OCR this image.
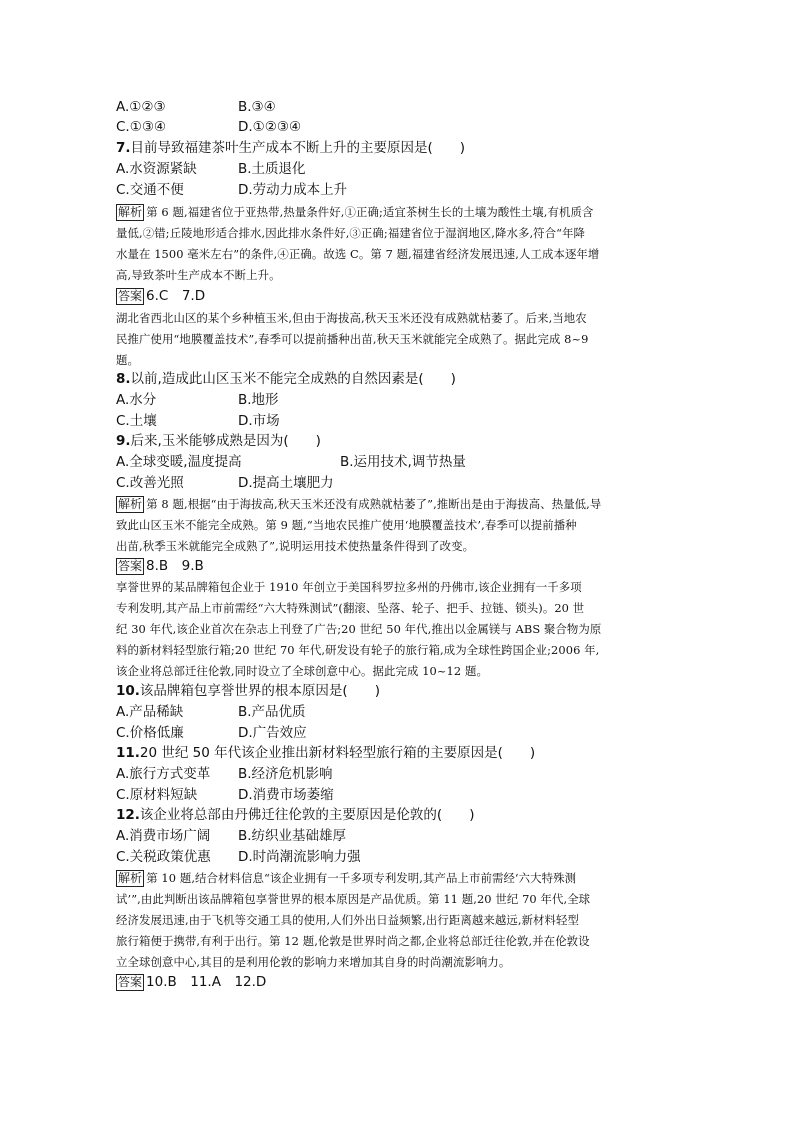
A.①②③	B.③④
C.①③④	D.①②③④
7.目前导致福建茶叶生产成本不断上升的主要原因是(　　)
A.水资源紧缺	B.土质退化
C.交通不便	D.劳动力成本上升
解析 第 6 题,福建省位于亚热带,热量条件好,①正确;适宜茶树生长的土壤为酸性土壤,有机质含
量低,②错;丘陵地形适合排水,因此排水条件好,③正确;福建省位于湿润地区,降水多,符合“年降
水量在 1500 毫米左右”的条件,④正确。故选 C。第 7 题,福建省经济发展迅速,人工成本逐年增
高,导致茶叶生产成本不断上升。
答案 6.C　7.D
湖北省西北山区的某个乡种植玉米,但由于海拔高,秋天玉米还没有成熟就枯萎了。后来,当地农
民推广使用“地膜覆盖技术”,春季可以提前播种出苗,秋天玉米就能完全成熟了。据此完成 8~9
题。
8.以前,造成此山区玉米不能完全成熟的自然因素是(　　)
A.水分	B.地形
C.土壤	D.市场
9.后来,玉米能够成熟是因为(　　)
A.全球变暖,温度提高	B.运用技术,调节热量
C.改善光照	D.提高土壤肥力
解析 第 8 题,根据“由于海拔高,秋天玉米还没有成熟就枯萎了”,推断出是由于海拔高、热量低,导
致此山区玉米不能完全成熟。第 9 题,“当地农民推广使用‘地膜覆盖技术’,春季可以提前播种
出苗,秋季玉米就能完全成熟了”,说明运用技术使热量条件得到了改变。
答案 8.B　9.B
享誉世界的某品牌箱包企业于 1910 年创立于美国科罗拉多州的丹佛市,该企业拥有一千多项
专利发明,其产品上市前需经“六大特殊测试”(翻滚、坠落、轮子、把手、拉链、锁头)。20 世
纪 30 年代,该企业首次在杂志上刊登了广告;20 世纪 50 年代,推出以金属镁与 ABS 聚合物为原
料的新材料轻型旅行箱;20 世纪 70 年代,研发设有轮子的旅行箱,成为全球性跨国企业;2006 年,
该企业将总部迁往伦敦,同时设立了全球创意中心。据此完成 10~12 题。
10.该品牌箱包享誉世界的根本原因是(　　)
A.产品稀缺	B.产品优质
C.价格低廉	D.广告效应
11.20 世纪 50 年代该企业推出新材料轻型旅行箱的主要原因是(　　)
A.旅行方式变革 B.经济危机影响
C.原材料短缺	D.消费市场萎缩
12.该企业将总部由丹佛迁往伦敦的主要原因是伦敦的(　　)
A.消费市场广阔 B.纺织业基础雄厚
C.关税政策优惠 D.时尚潮流影响力强
解析 第 10 题,结合材料信息“该企业拥有一千多项专利发明,其产品上市前需经‘六大特殊测
试’”,由此判断出该品牌箱包享誉世界的根本原因是产品优质。第 11 题,20 世纪 70 年代,全球
经济发展迅速,由于飞机等交通工具的使用,人们外出日益频繁,出行距离越来越远,新材料轻型
旅行箱便于携带,有利于出行。第 12 题,伦敦是世界时尚之都,企业将总部迁往伦敦,并在伦敦设
立全球创意中心,其目的是利用伦敦的影响力来增加其自身的时尚潮流影响力。
答案 10.B　11.A　12.D
